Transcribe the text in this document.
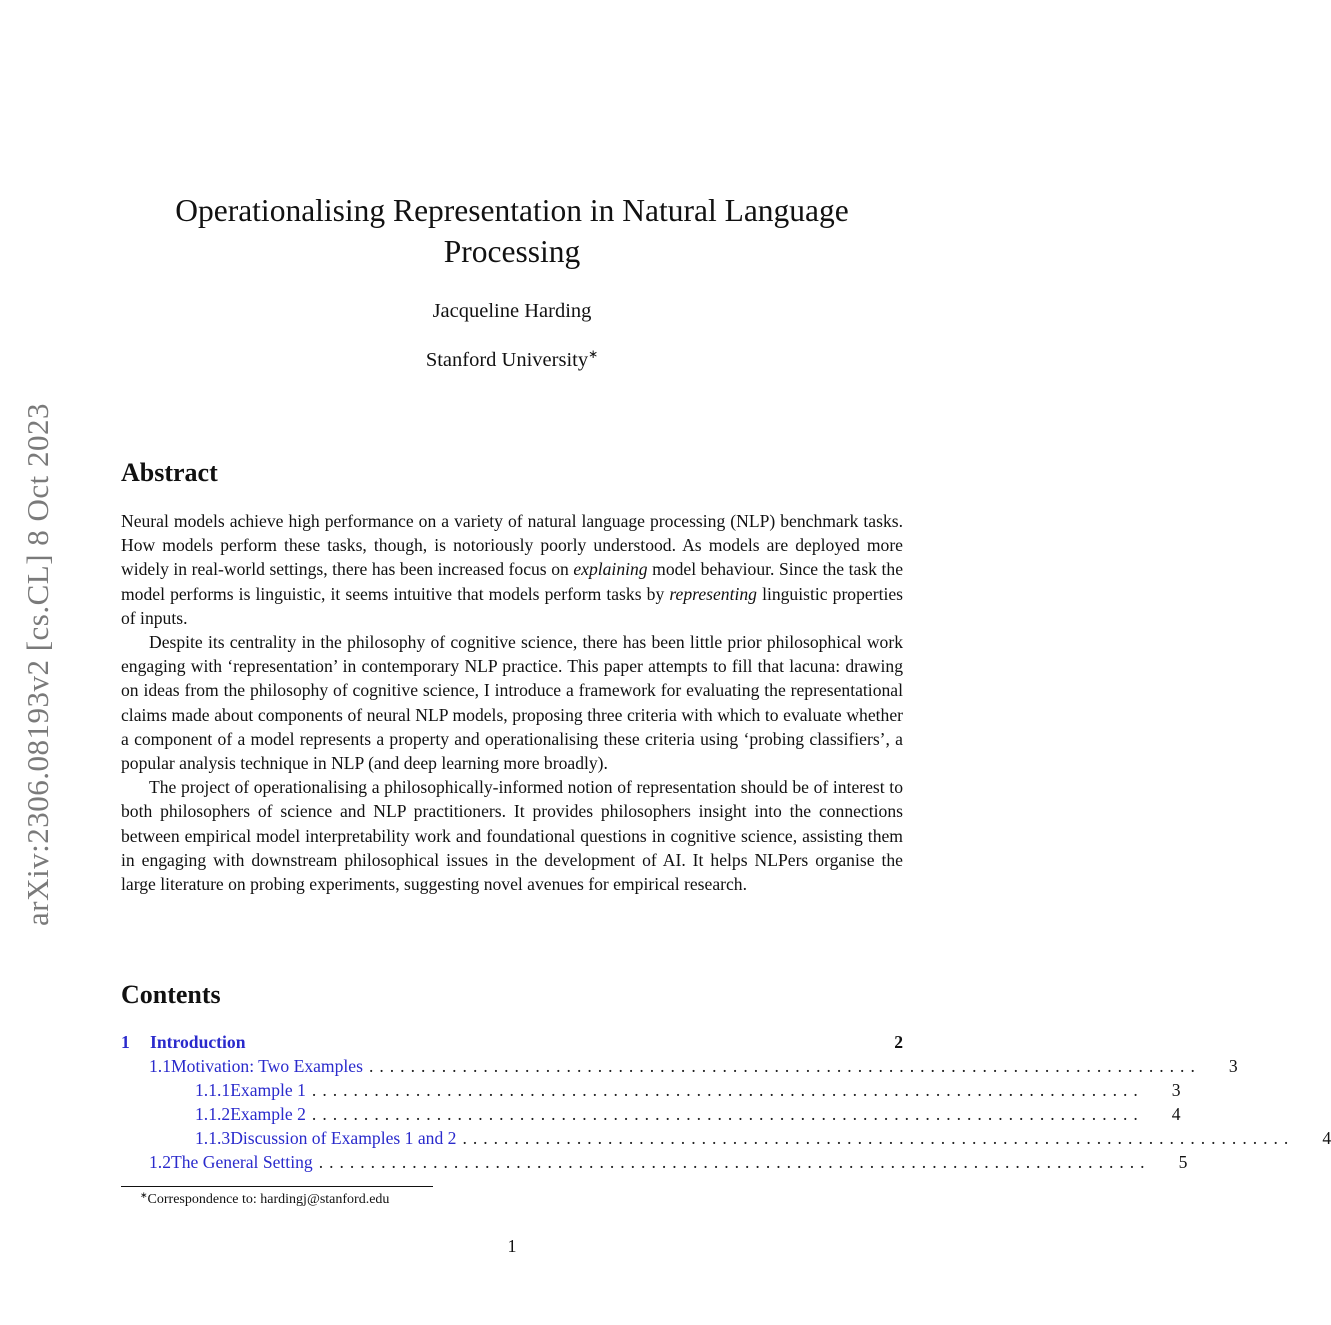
arXiv:2306.08193v2 [cs.CL] 8 Oct 2023
Operationalising Representation in Natural Language Processing
Jacqueline Harding
Stanford University∗
Abstract

Neural models achieve high performance on a variety of natural language processing (NLP) benchmark tasks. How models perform these tasks, though, is notoriously poorly understood. As models are deployed more widely in real-world settings, there has been increased focus on explaining model behaviour. Since the task the model performs is linguistic, it seems intuitive that models perform tasks by representing linguistic properties of inputs.

Despite its centrality in the philosophy of cognitive science, there has been little prior philosophical work engaging with ‘representation’ in contemporary NLP practice. This paper attempts to fill that lacuna: drawing on ideas from the philosophy of cognitive science, I introduce a framework for evaluating the representational claims made about components of neural NLP models, proposing three criteria with which to evaluate whether a component of a model represents a property and operationalising these criteria using ‘probing classifiers’, a popular analysis technique in NLP (and deep learning more broadly).

The project of operationalising a philosophically-informed notion of representation should be of interest to both philosophers of science and NLP practitioners. It provides philosophers insight into the connections between empirical model interpretability work and foundational questions in cognitive science, assisting them in engaging with downstream philosophical issues in the development of AI. It helps NLPers organise the large literature on probing experiments, suggesting novel avenues for empirical research.

Contents
1	Introduction	2
1.1 Motivation: Two Examples ................................................................................	3
1.1.1 Example 1 ................................................................................	3
1.1.2 Example 2 ................................................................................	4
1.1.3 Discussion of Examples 1 and 2 ................................................................................	4
1.2 The General Setting ................................................................................	5
∗Correspondence to: hardingj@stanford.edu
1
